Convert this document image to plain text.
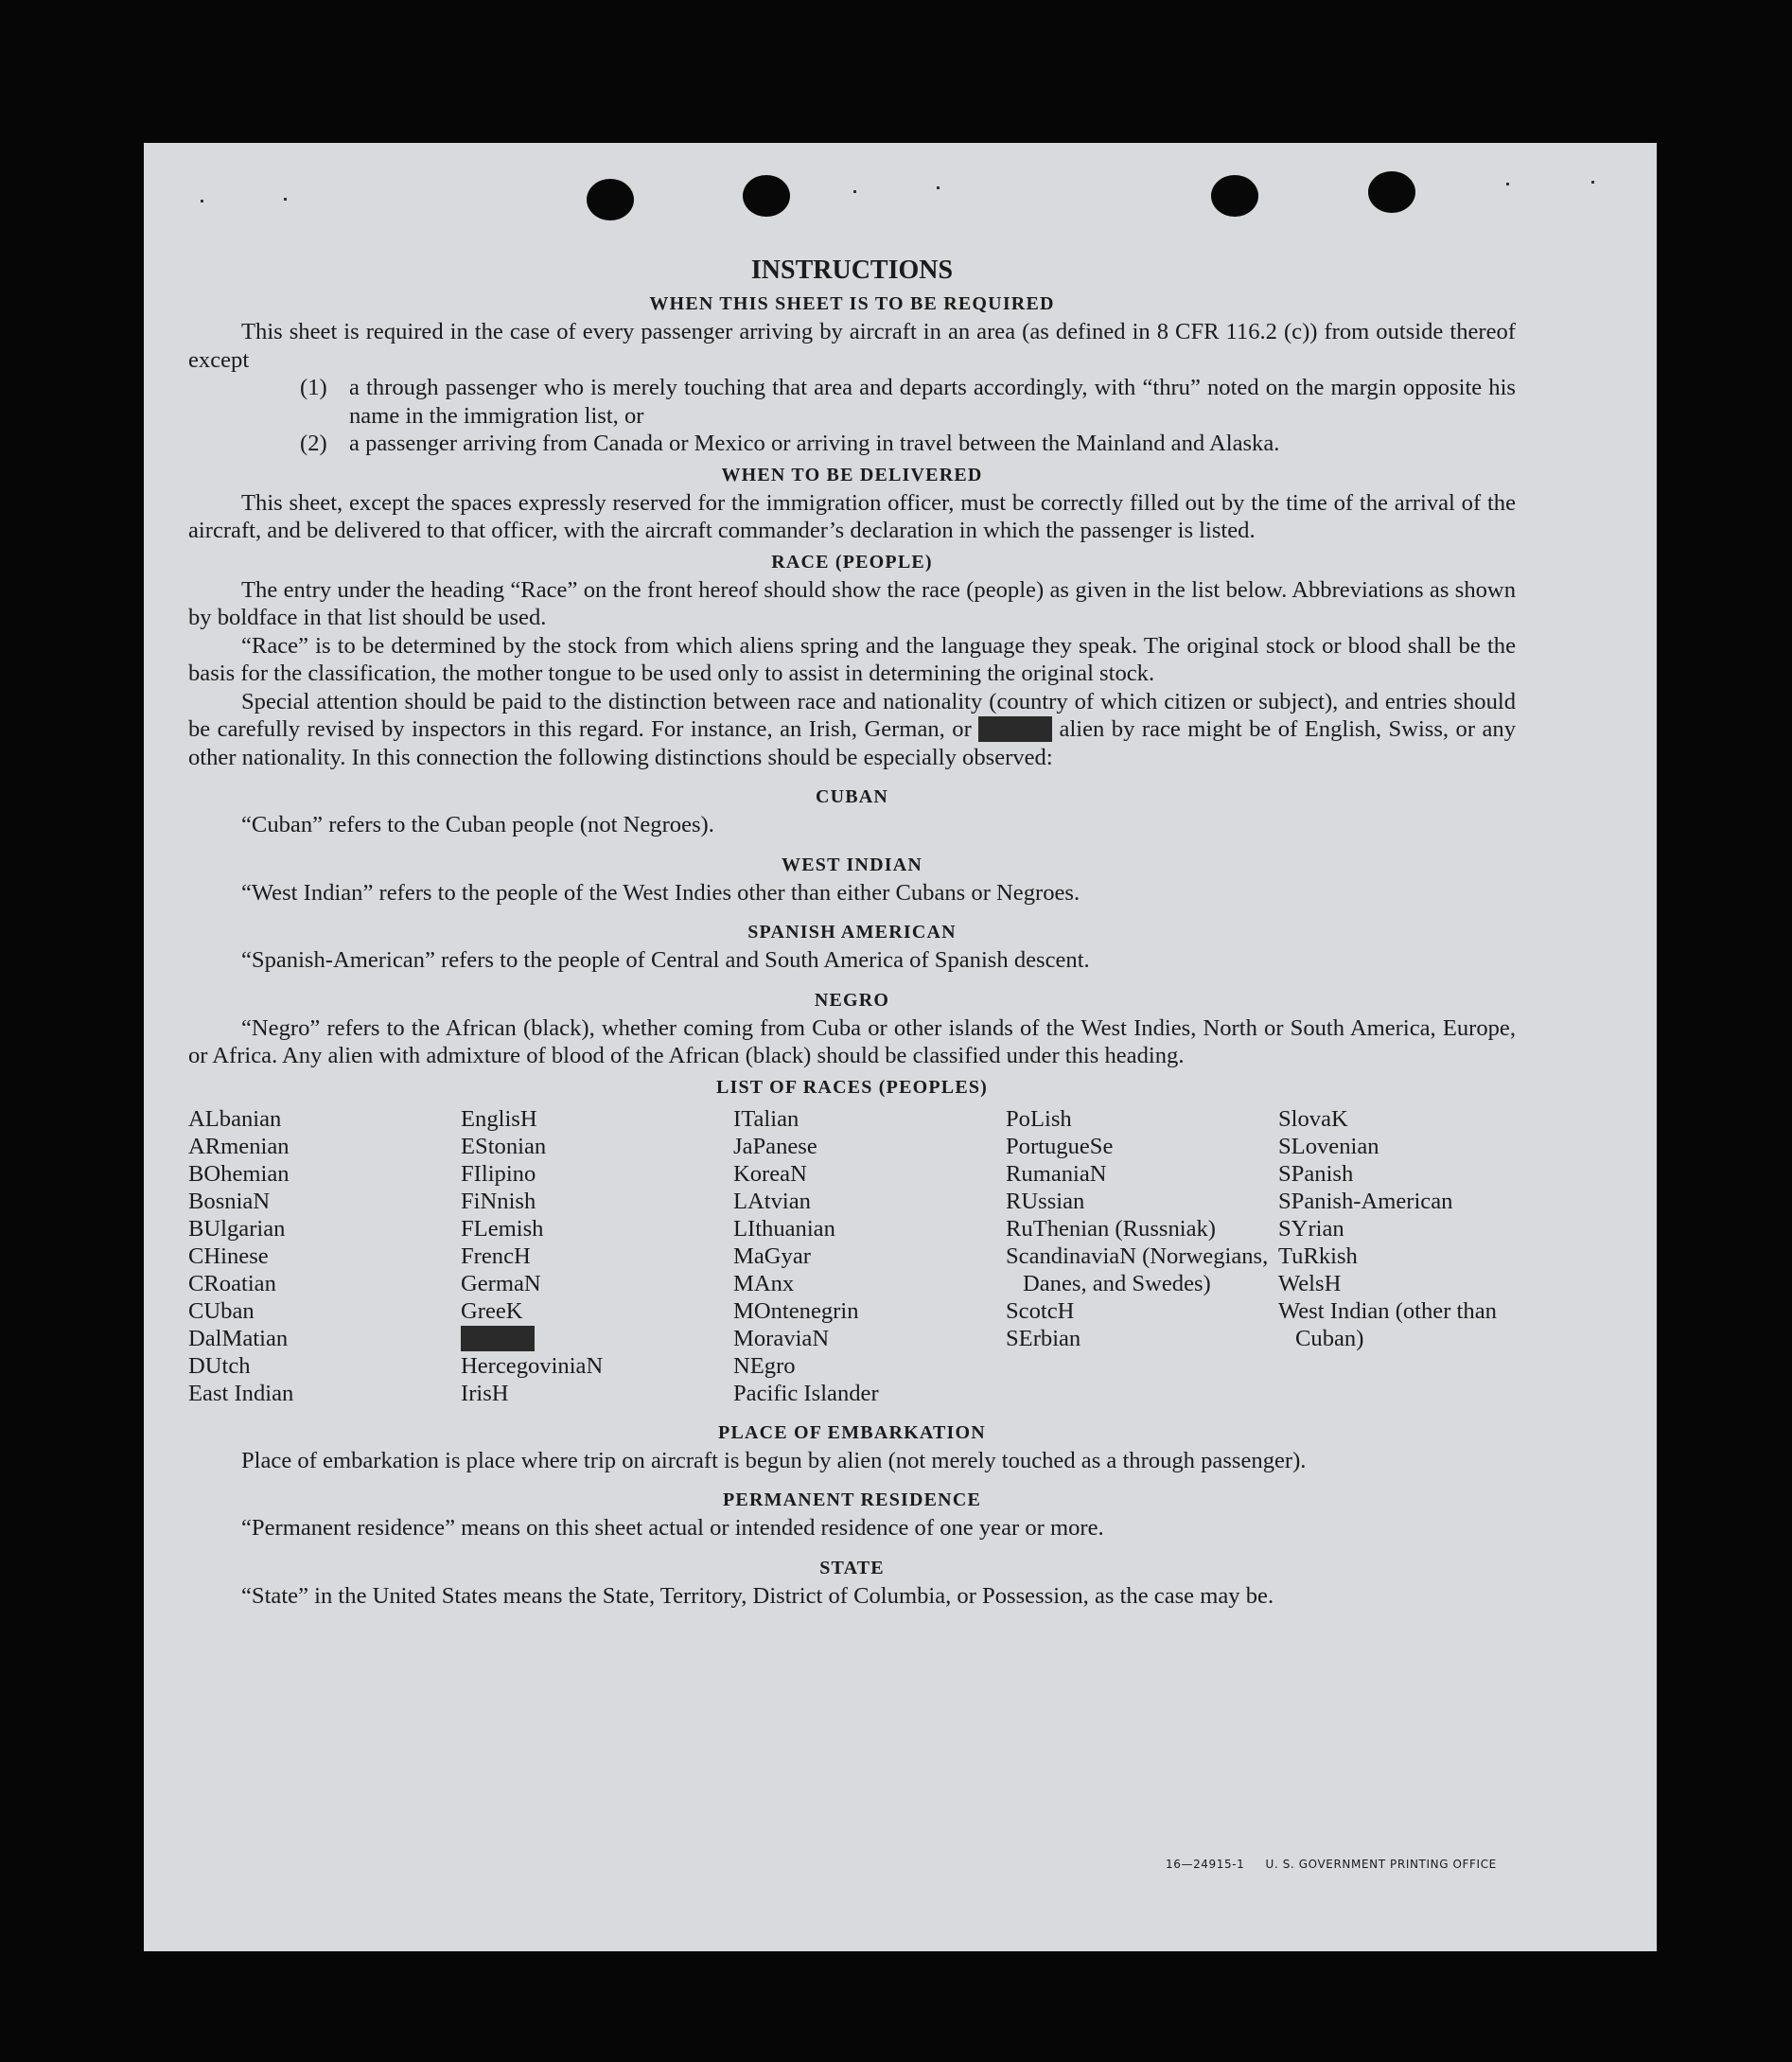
INSTRUCTIONS
WHEN THIS SHEET IS TO BE REQUIRED

This sheet is required in the case of every passenger arriving by aircraft in an area (as defined in 8 CFR 116.2 (c)) from outside thereof except

(1) a through passenger who is merely touching that area and departs accordingly, with “thru” noted on the margin opposite his name in the immigration list, or
(2) a passenger arriving from Canada or Mexico or arriving in travel between the Mainland and Alaska.
WHEN TO BE DELIVERED

This sheet, except the spaces expressly reserved for the immigration officer, must be correctly filled out by the time of the arrival of the aircraft, and be delivered to that officer, with the aircraft commander’s declaration in which the passenger is listed.

RACE (PEOPLE)

The entry under the heading “Race” on the front hereof should show the race (people) as given in the list below. Abbreviations as shown by boldface in that list should be used.

“Race” is to be determined by the stock from which aliens spring and the language they speak. The original stock or blood shall be the basis for the classification, the mother tongue to be used only to assist in determining the original stock.

Special attention should be paid to the distinction between race and nationality (country of which citizen or subject), and entries should be carefully revised by inspectors in this regard. For instance, an Irish, German, or Hebrew alien by race might be of English, Swiss, or any other nationality. In this connection the following distinctions should be especially observed:

CUBAN

“Cuban” refers to the Cuban people (not Negroes).

WEST INDIAN

“West Indian” refers to the people of the West Indies other than either Cubans or Negroes.

SPANISH AMERICAN

“Spanish-American” refers to the people of Central and South America of Spanish descent.

NEGRO

“Negro” refers to the African (black), whether coming from Cuba or other islands of the West Indies, North or South America, Europe, or Africa. Any alien with admixture of blood of the African (black) should be classified under this heading.

LIST OF RACES (PEOPLES)
ALbanian
ARmenian
BOhemian
BosniaN
BUlgarian
CHinese
CRoatian
CUban
DalMatian
DUtch
East Indian
EnglisH
EStonian
FIlipino
FiNnish
FLemish
FrencH
GermaN
GreeK
Hebrew
HercegoviniaN
IrisH
ITalian
JaPanese
KoreaN
LAtvian
LIthuanian
MaGyar
MAnx
MOntenegrin
MoraviaN
NEgro
Pacific Islander
PoLish
PortugueSe
RumaniaN
RUssian
RuThenian (Russniak)
ScandinaviaN (Norwegians, Danes, and Swedes)
ScotcH
SErbian
SlovaK
SLovenian
SPanish
SPanish-American
SYrian
TuRkish
WelsH
West Indian (other than Cuban)
PLACE OF EMBARKATION

Place of embarkation is place where trip on aircraft is begun by alien (not merely touched as a through passenger).

PERMANENT RESIDENCE

“Permanent residence” means on this sheet actual or intended residence of one year or more.

STATE

“State” in the United States means the State, Territory, District of Columbia, or Possession, as the case may be.

16—24915-1 U. S. GOVERNMENT PRINTING OFFICE
